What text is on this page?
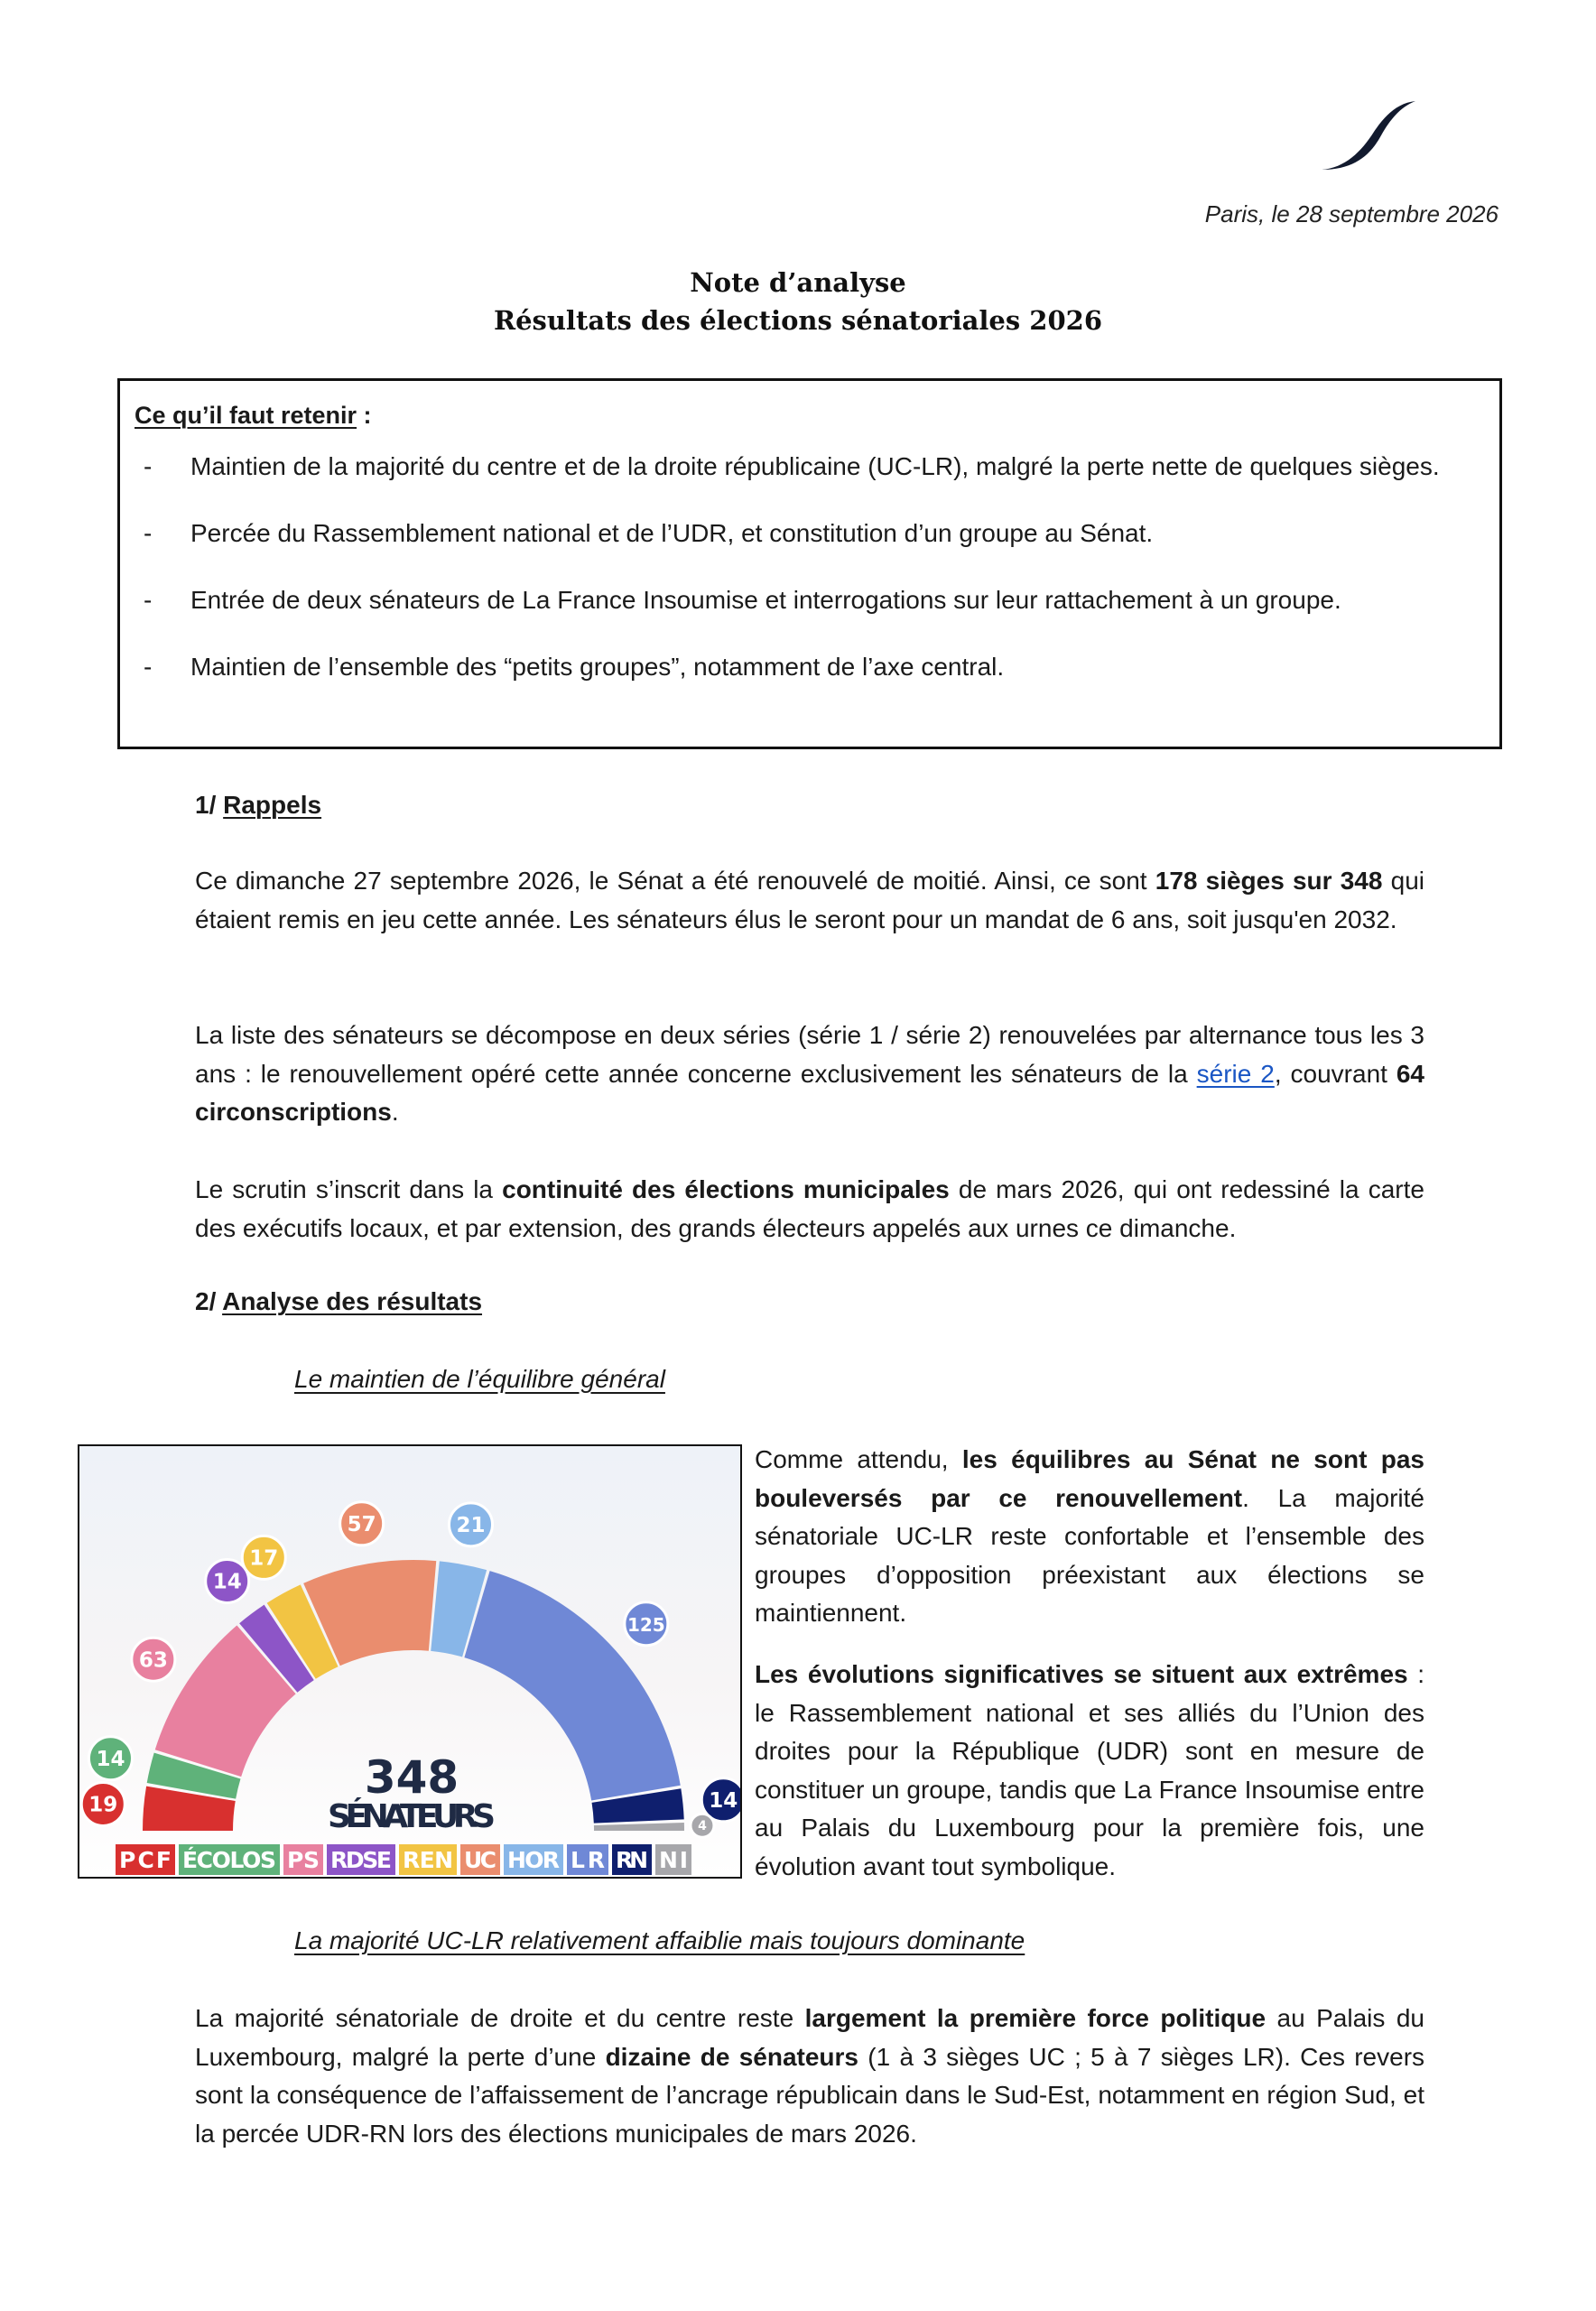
Paris, le 28 septembre 2026
Note d’analyse
Résultats des élections sénatoriales 2026
Ce qu’il faut retenir :
- Maintien de la majorité du centre et de la droite républicaine (UC-LR), malgré la perte nette de quelques sièges.
- Percée du Rassemblement national et de l’UDR, et constitution d’un groupe au Sénat.
- Entrée de deux sénateurs de La France Insoumise et interrogations sur leur rattachement à un groupe.
- Maintien de l’ensemble des “petits groupes”, notamment de l’axe central.
1/ Rappels
Ce dimanche 27 septembre 2026, le Sénat a été renouvelé de moitié. Ainsi, ce sont 178 sièges sur 348 qui étaient remis en jeu cette année. Les sénateurs élus le seront pour un mandat de 6 ans, soit jusqu'en 2032.
La liste des sénateurs se décompose en deux séries (série 1 / série 2) renouvelées par alternance tous les 3 ans : le renouvellement opéré cette année concerne exclusivement les sénateurs de la série 2, couvrant 64 circonscriptions.
Le scrutin s’inscrit dans la continuité des élections municipales de mars 2026, qui ont redessiné la carte des exécutifs locaux, et par extension, des grands électeurs appelés aux urnes ce dimanche.
2/ Analyse des résultats
Le maintien de l’équilibre général
19
14
63
14
17
57	21
125
14
4
348
SÉNATEURS
PCF ÉCOLOS PS RDSE REN UC HOR LR RN NI
Comme attendu, les équilibres au Sénat ne sont pas bouleversés par ce renouvellement. La majorité sénatoriale UC-LR reste confortable et l’ensemble des groupes d’opposition préexistant aux élections se maintiennent.
Les évolutions significatives se situent aux extrêmes : le Rassemblement national et ses alliés du l’Union des droites pour la République (UDR) sont en mesure de constituer un groupe, tandis que La France Insoumise entre au Palais du Luxembourg pour la première fois, une évolution avant tout symbolique.
La majorité UC-LR relativement affaiblie mais toujours dominante
La majorité sénatoriale de droite et du centre reste largement la première force politique au Palais du Luxembourg, malgré la perte d’une dizaine de sénateurs (1 à 3 sièges UC ; 5 à 7 sièges LR). Ces revers sont la conséquence de l’affaissement de l’ancrage républicain dans le Sud-Est, notamment en région Sud, et la percée UDR-RN lors des élections municipales de mars 2026.
